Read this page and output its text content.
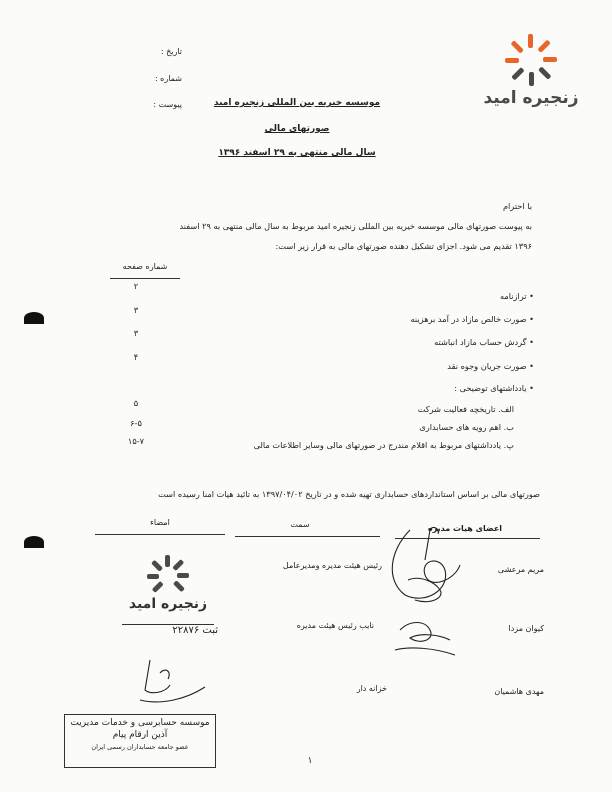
تاریخ :
شماره :
پیوست :	زنجیره امید
موسسه خیریه بین المللی زنجیره امید
صورتهای مالی
سال مالی منتهی به ۲۹ اسفند ۱۳۹۶
با احترام
به پیوست صورتهای مالی موسسه خیریه بین المللی زنجیره امید مربوط به سال مالی منتهی به ۲۹ اسفند
۱۳۹۶ تقدیم می شود. اجزای تشکیل دهنده صورتهای مالی به قرار زیر است:
شماره صفحه
• ترازنامه
۲
• صورت خالص مازاد در آمد برهزینه
۳
• گردش حساب مازاد انباشته
۳
• صورت جریان وجوه نقد
۴
• یادداشتهای توضیحی :
الف. تاریخچه فعالیت شرکت
۵
ب. اهم رویه های حسابداری
۶-۵
پ. یادداشتهای مربوط به اقلام مندرج در صورتهای مالی وسایر اطلاعات مالی
۱۵-۷
صورتهای مالی بر اساس استانداردهای حسابداری تهیه شده و در تاریخ ۱۳۹۷/۰۴/۰۲ به تائید هیات امنا رسیده است
اعضای هیات مدیره
سمت
امضاء
مریم مرعشی
رئیس هیئت مدیره ومدیرعامل
کیوان مزدا
نایب رئیس هیئت مدیره
مهدی هاشمیان
خزانه دار
زنجیره امید
ثبت ۲۲۸۷۶
موسسه حسابرسی و خدمات مدیریت
آذین ارقام پیام
عضو جامعه حسابداران رسمی ایران
۱
